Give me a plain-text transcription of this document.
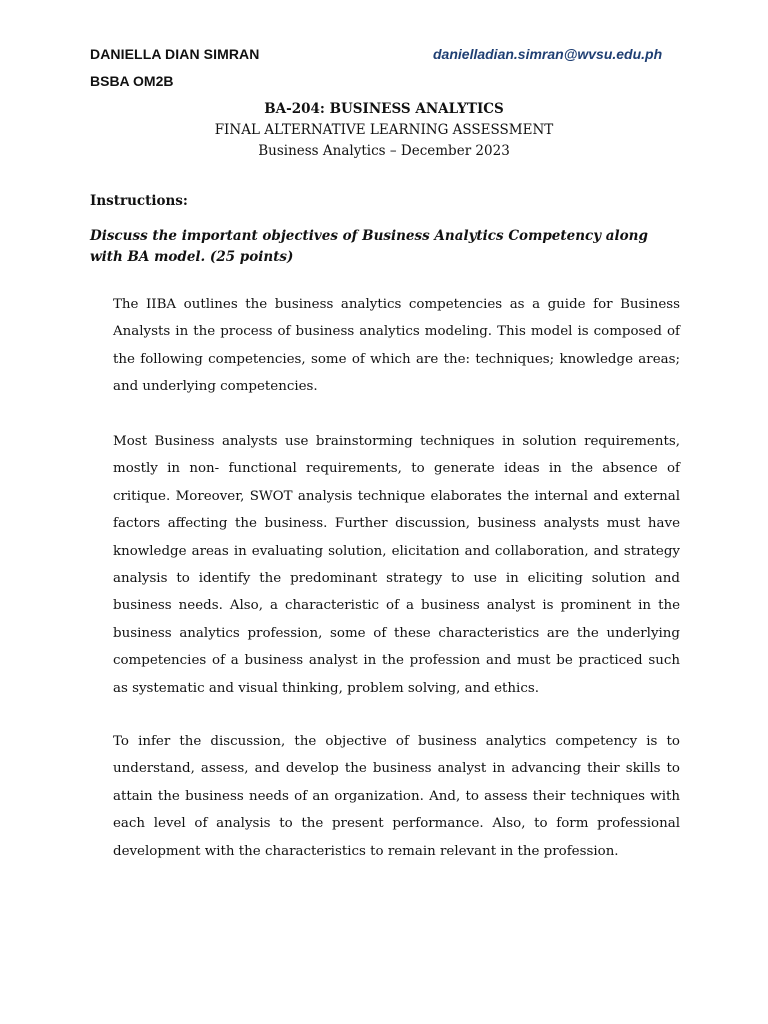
DANIELLA DIAN SIMRAN
BSBA OM2B
danielladian.simran@wvsu.edu.ph
BA-204: BUSINESS ANALYTICS
FINAL ALTERNATIVE LEARNING ASSESSMENT
Business Analytics – December 2023
Instructions:
Discuss the important objectives of Business Analytics Competency along with BA model. (25 points)

The IIBA outlines the business analytics competencies as a guide for Business Analysts in the process of business analytics modeling. This model is composed of the following competencies, some of which are the: techniques; knowledge areas; and underlying competencies.

Most Business analysts use brainstorming techniques in solution requirements, mostly in non- functional requirements, to generate ideas in the absence of critique. Moreover, SWOT analysis technique elaborates the internal and external factors affecting the business. Further discussion, business analysts must have knowledge areas in evaluating solution, elicitation and collaboration, and strategy analysis to identify the predominant strategy to use in eliciting solution and business needs. Also, a characteristic of a business analyst is prominent in the business analytics profession, some of these characteristics are the underlying competencies of a business analyst in the profession and must be practiced such as systematic and visual thinking, problem solving, and ethics.

To infer the discussion, the objective of business analytics competency is to understand, assess, and develop the business analyst in advancing their skills to attain the business needs of an organization. And, to assess their techniques with each level of analysis to the present performance. Also, to form professional development with the characteristics to remain relevant in the profession.
